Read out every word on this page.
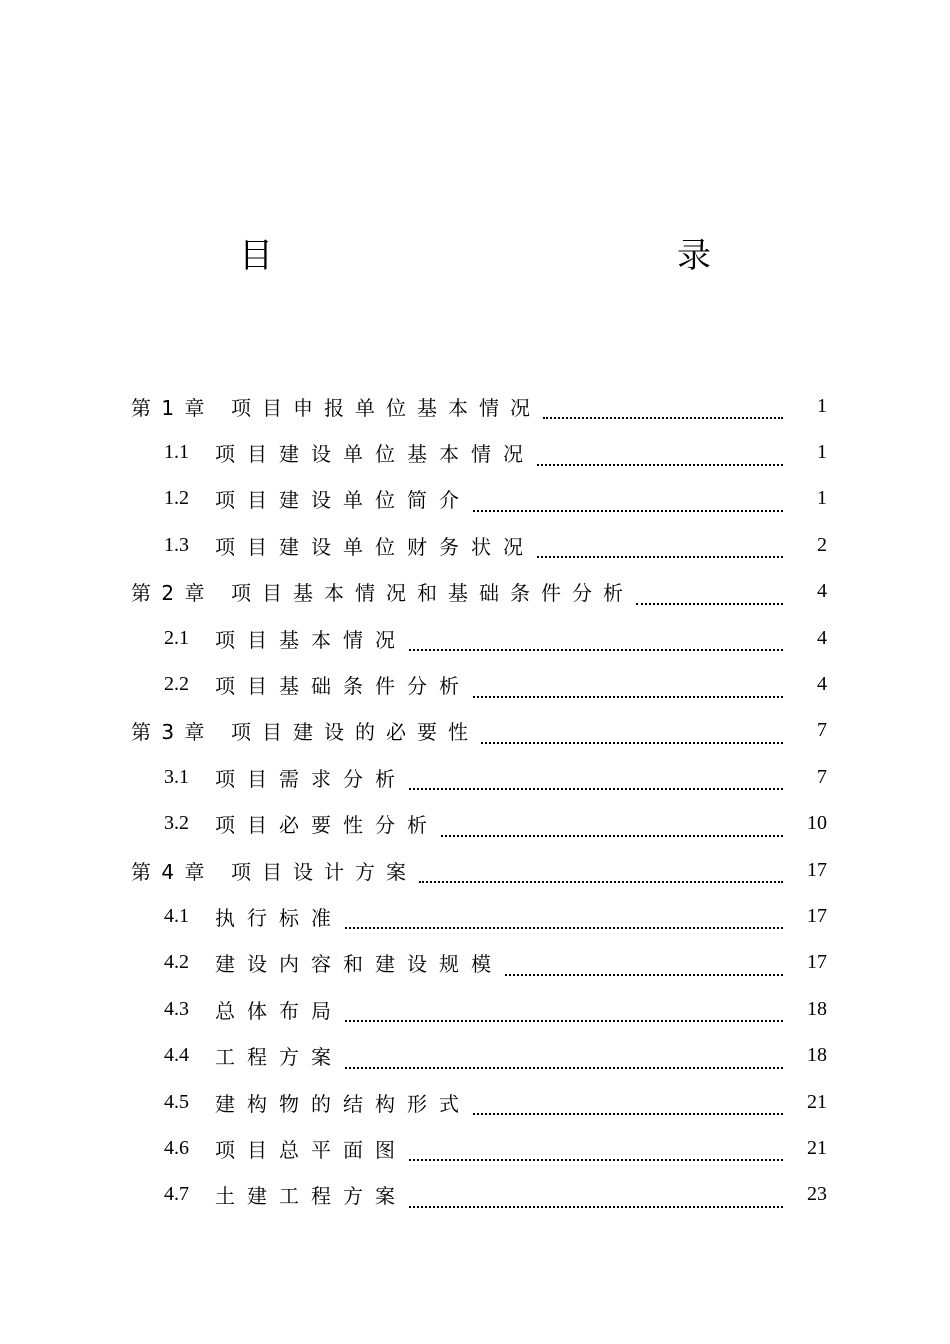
目　　录
第 1 章	项目申报单位基本情况	1
1.1	项目建设单位基本情况	1
1.2	项目建设单位简介	1
1.3	项目建设单位财务状况	2
第 2 章	项目基本情况和基础条件分析	4
2.1	项目基本情况	4
2.2	项目基础条件分析	4
第 3 章	项目建设的必要性	7
3.1	项目需求分析	7
3.2	项目必要性分析	10
第 4 章	项目设计方案	17
4.1	执行标准	17
4.2	建设内容和建设规模	17
4.3	总体布局	18
4.4	工程方案	18
4.5	建构物的结构形式	21
4.6	项目总平面图	21
4.7	土建工程方案	23
